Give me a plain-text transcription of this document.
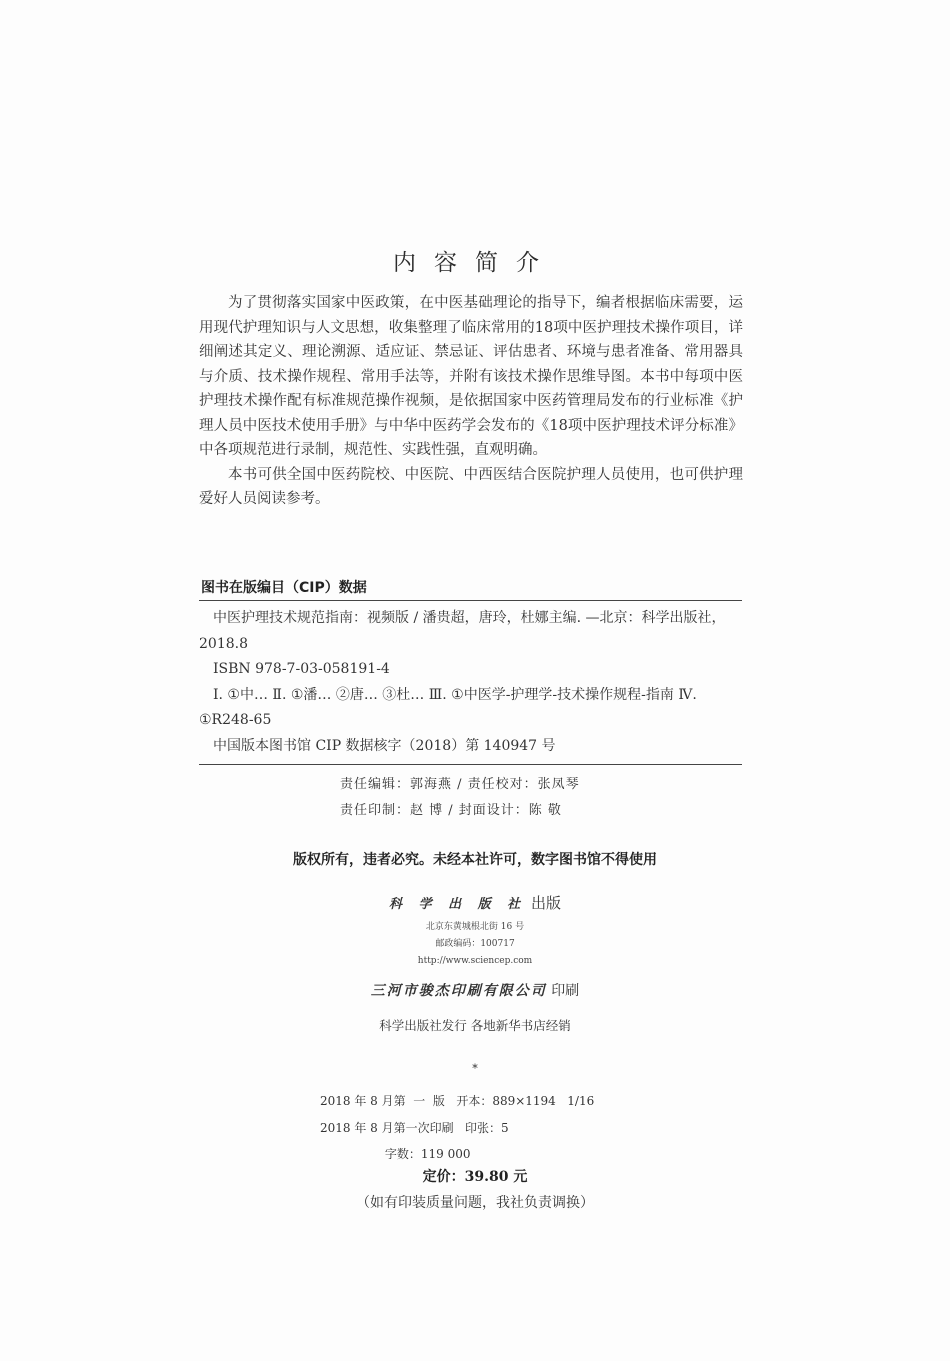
内容简介

为了贯彻落实国家中医政策，在中医基础理论的指导下，编者根据临床需要，运用现代护理知识与人文思想，收集整理了临床常用的18项中医护理技术操作项目，详细阐述其定义、理论溯源、适应证、禁忌证、评估患者、环境与患者准备、常用器具与介质、技术操作规程、常用手法等，并附有该技术操作思维导图。本书中每项中医护理技术操作配有标准规范操作视频，是依据国家中医药管理局发布的行业标准《护理人员中医技术使用手册》与中华中医药学会发布的《18项中医护理技术评分标准》中各项规范进行录制，规范性、实践性强，直观明确。

本书可供全国中医药院校、中医院、中西医结合医院护理人员使用，也可供护理爱好人员阅读参考。

图书在版编目（CIP）数据
中医护理技术规范指南：视频版 / 潘贵超，唐玲，杜娜主编. —北京：科学出版社，2018.8
ISBN 978-7-03-058191-4
Ⅰ. ①中… Ⅱ. ①潘… ②唐… ③杜… Ⅲ. ①中医学-护理学-技术操作规程-指南 Ⅳ. ①R248-65
中国版本图书馆 CIP 数据核字（2018）第 140947 号
责任编辑：郭海燕 / 责任校对：张凤琴
责任印制：赵 博 / 封面设计：陈 敬
版权所有，违者必究。未经本社许可，数字图书馆不得使用
科 学 出 版 社 出版
北京东黄城根北街 16 号
邮政编码：100717
http://www.sciencep.com
三河市骏杰印刷有限公司 印刷
科学出版社发行 各地新华书店经销
*
2018 年 8 月第  一  版   开本：889×1194   1/16
2018 年 8 月第一次印刷   印张：5
字数：119 000
定价：39.80 元
（如有印装质量问题，我社负责调换）
